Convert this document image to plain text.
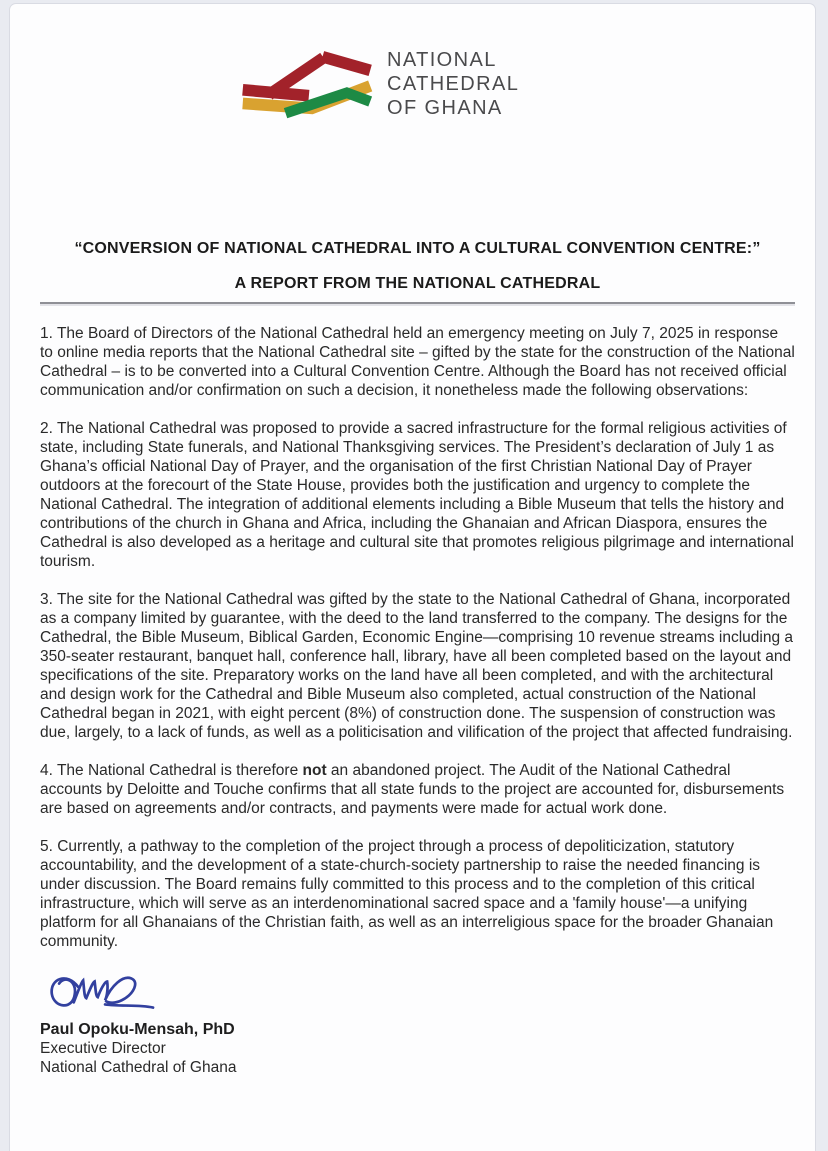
NATIONAL
CATHEDRAL
OF GHANA
“CONVERSION OF NATIONAL CATHEDRAL INTO A CULTURAL CONVENTION CENTRE:”
A REPORT FROM THE NATIONAL CATHEDRAL

1. The Board of Directors of the National Cathedral held an emergency meeting on July 7, 2025 in response to online media reports that the National Cathedral site – gifted by the state for the construction of the National Cathedral – is to be converted into a Cultural Convention Centre. Although the Board has not received official communication and/or confirmation on such a decision, it nonetheless made the following observations:

2. The National Cathedral was proposed to provide a sacred infrastructure for the formal religious activities of state, including State funerals, and National Thanksgiving services. The President’s declaration of July 1 as Ghana’s official National Day of Prayer, and the organisation of the first Christian National Day of Prayer outdoors at the forecourt of the State House, provides both the justification and urgency to complete the National Cathedral. The integration of additional elements including a Bible Museum that tells the history and contributions of the church in Ghana and Africa, including the Ghanaian and African Diaspora, ensures the Cathedral is also developed as a heritage and cultural site that promotes religious pilgrimage and international tourism.

3. The site for the National Cathedral was gifted by the state to the National Cathedral of Ghana, incorporated as a company limited by guarantee, with the deed to the land transferred to the company. The designs for the Cathedral, the Bible Museum, Biblical Garden, Economic Engine—comprising 10 revenue streams including a 350-seater restaurant, banquet hall, conference hall, library, have all been completed based on the layout and specifications of the site. Preparatory works on the land have all been completed, and with the architectural and design work for the Cathedral and Bible Museum also completed, actual construction of the National Cathedral began in 2021, with eight percent (8%) of construction done. The suspension of construction was due, largely, to a lack of funds, as well as a politicisation and vilification of the project that affected fundraising.

4. The National Cathedral is therefore not an abandoned project. The Audit of the National Cathedral accounts by Deloitte and Touche confirms that all state funds to the project are accounted for, disbursements are based on agreements and/or contracts, and payments were made for actual work done.

5. Currently, a pathway to the completion of the project through a process of depoliticization, statutory accountability, and the development of a state-church-society partnership to raise the needed financing is under discussion. The Board remains fully committed to this process and to the completion of this critical infrastructure, which will serve as an interdenominational sacred space and a 'family house'—a unifying platform for all Ghanaians of the Christian faith, as well as an interreligious space for the broader Ghanaian community.

Paul Opoku-Mensah, PhD
Executive Director
National Cathedral of Ghana
